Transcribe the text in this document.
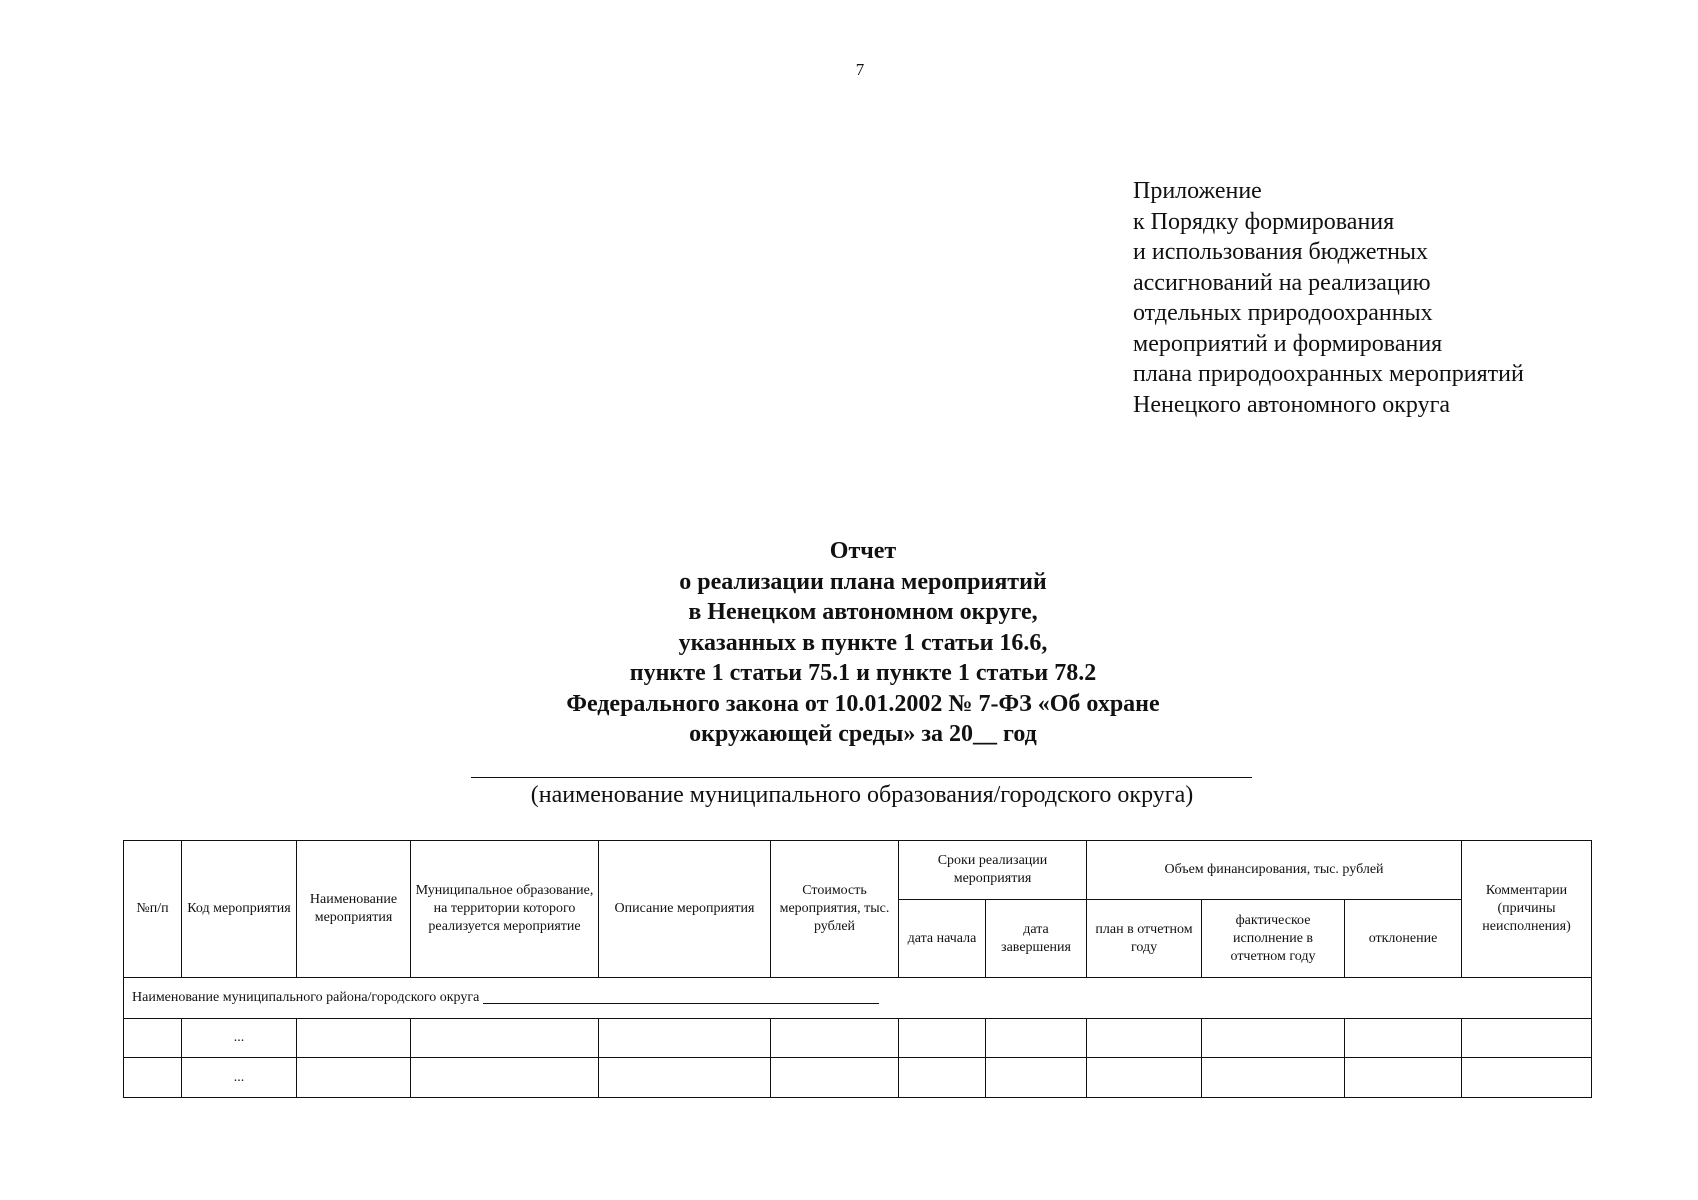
7
Приложение
к Порядку формирования
и использования бюджетных
ассигнований на реализацию
отдельных природоохранных
мероприятий и формирования
плана природоохранных мероприятий
Ненецкого автономного округа
Отчет
о реализации плана мероприятий
в Ненецком автономном округе,
указанных в пункте 1 статьи 16.6,
пункте 1 статьи 75.1 и пункте 1 статьи 78.2
Федерального закона от 10.01.2002 № 7-ФЗ «Об охране
окружающей среды» за 20__ год
(наименование муниципального образования/городского округа)
№п/п	Код мероприятия	Наименование мероприятия	Муниципальное образование, на территории которого реализуется мероприятие	Описание мероприятия	Стоимость мероприятия, тыс. рублей	Сроки реализации мероприятия		Объем финансирования, тыс. рублей			Комментарии (причины неисполнения)
						дата начала	дата завершения	план в отчетном году	фактическое исполнение в отчетном году	отклонение	
Наименование муниципального района/городского округа											
	...										
	...										
